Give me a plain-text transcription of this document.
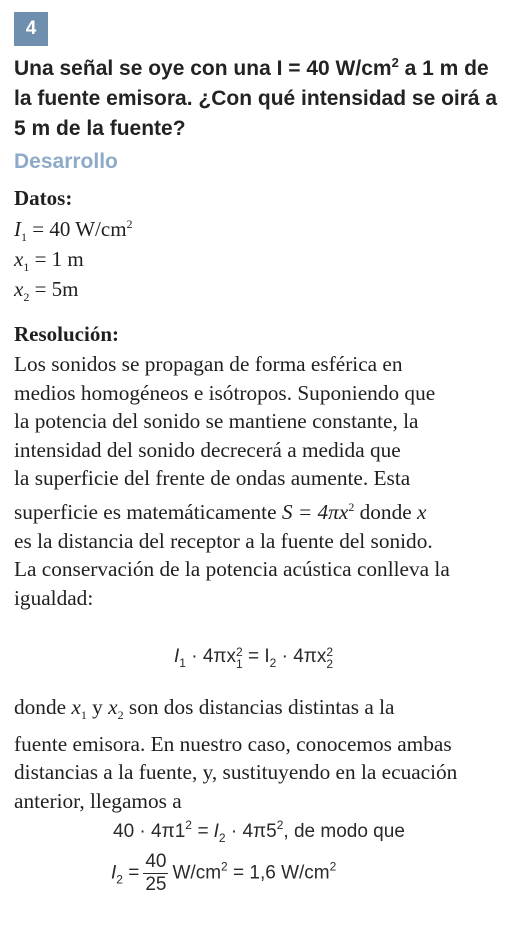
4
Una señal se oye con una I = 40 $W/cm^2$ a 1 m de
la fuente emisora. ¿Con qué intensidad se oirá a
5 m de la fuente?
Desarrollo
Datos:
$I_1 = 40$ $W/cm^2$
$x_1 = 1$ m
$x_2 = 5m$
Resolución:

Los sonidos se propagan de forma esférica en

medios homogéneos e isótropos. Suponiendo que

la potencia del sonido se mantiene constante, la

intensidad del sonido decrecerá a medida que

la superficie del frente de ondas aumente. Esta

superficie es matemáticamente $S = 4\pi x^2$ donde x

es la distancia del receptor a la fuente del sonido.

La conservación de la potencia acústica conlleva la

igualdad:

$I_1 \cdot 4\pi x$ 2
$1 = I_2 \cdot 4\pi x$ 2
2

donde $x_1$ y $x_2$ son dos distancias distintas a la

fuente emisora. En nuestro caso, conocemos ambas

distancias a la fuente, y, sustituyendo en la ecuación

anterior, llegamos a

$40 \cdot 4\pi 1^2 = I_2 \cdot 4\pi 5^2$, de modo que
$I_2 = \frac{40}{25} W/cm^2 = 1,6$ $W/cm^2$
